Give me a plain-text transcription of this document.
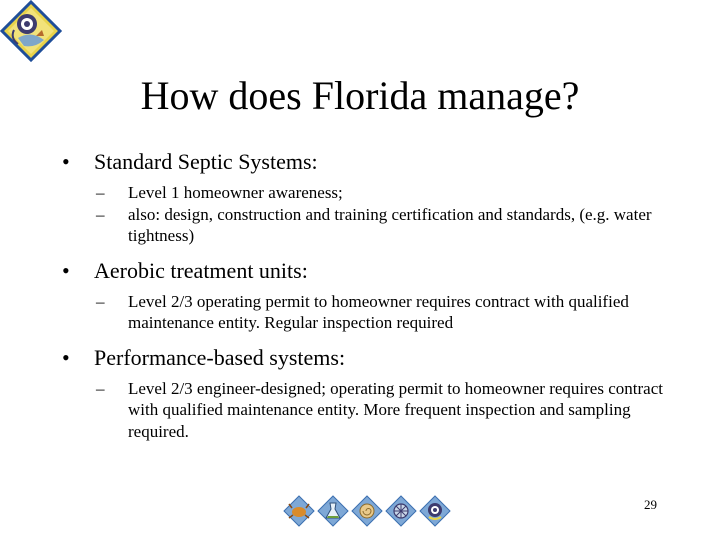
How does Florida manage?
• Standard Septic Systems:
– Level 1 homeowner awareness;
– also: design, construction and training certification and standards, (e.g. water tightness)
• Aerobic treatment units:
– Level 2/3 operating permit to homeowner requires contract with qualified maintenance entity. Regular inspection required
• Performance-based systems:
– Level 2/3 engineer-designed; operating permit to homeowner requires contract with qualified maintenance entity. More frequent inspection and sampling required.
29
